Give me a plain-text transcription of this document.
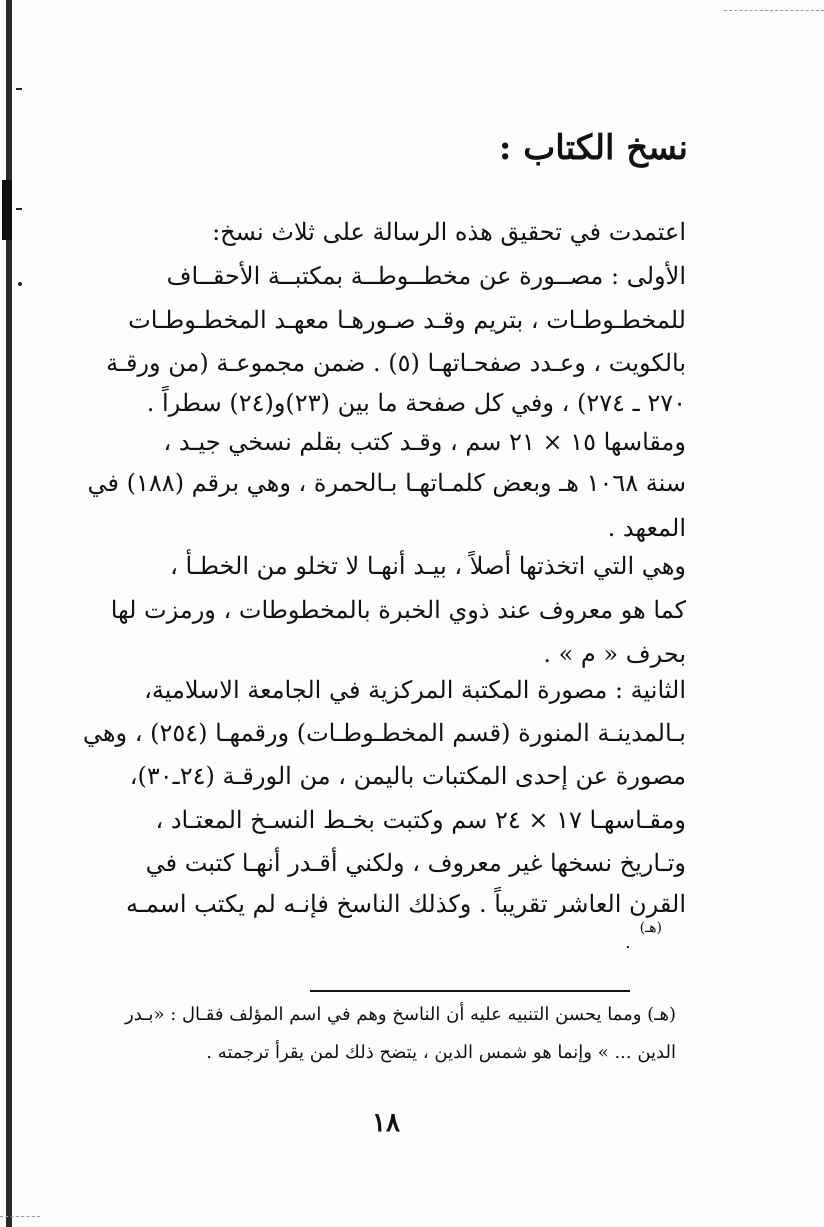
نسخ الكتاب :
اعتمدت في تحقيق هذه الرسالة على ثلاث نسخ:
الأولى : مصــورة عن مخطــوطــة بمكتبــة الأحقــاف
للمخطـوطـات ، بتريم وقـد صـورهـا معهـد المخطـوطـات
بالكويت ، وعـدد صفحـاتهـا (٥) . ضمن مجموعـة (من ورقـة
٢٧٠ ـ ٢٧٤) ، وفي كل صفحة ما بين (٢٣)و(٢٤) سطراً .
ومقاسها ١٥ × ٢١ سم ، وقـد كتب بقلم نسخي جيـد ،
سنة ١٠٦٨ هـ وبعض كلمـاتهـا بـالحمرة ، وهي برقم (١٨٨) في
المعهد .
وهي التي اتخذتها أصلاً ، بيـد أنهـا لا تخلو من الخطـأ ،
كما هو معروف عند ذوي الخبرة بالمخطوطات ، ورمزت لها
بحرف « م » .
الثانية : مصورة المكتبة المركزية في الجامعة الاسلامية،
بـالمدينـة المنورة (قسم المخطـوطـات) ورقمهـا (٢٥٤) ، وهي
مصورة عن إحدى المكتبات باليمن ، من الورقـة (٢٤ـ٣٠)،
ومقـاسهـا ١٧ × ٢٤ سم وكتبت بخـط النسـخ المعتـاد ،
وتـاريخ نسخها غير معروف ، ولكني أقـدر أنهـا كتبت في
القرن العاشر تقريباً . وكذلك الناسخ فإنـه لم يكتب اسمـه
(هـ)
.
(هـ) ومما يحسن التنبيه عليه أن الناسخ وهم في اسم المؤلف فقـال : «بـدر
الدين ... » وإنما هو شمس الدين ، يتضح ذلك لمن يقرأ ترجمته .
١٨
